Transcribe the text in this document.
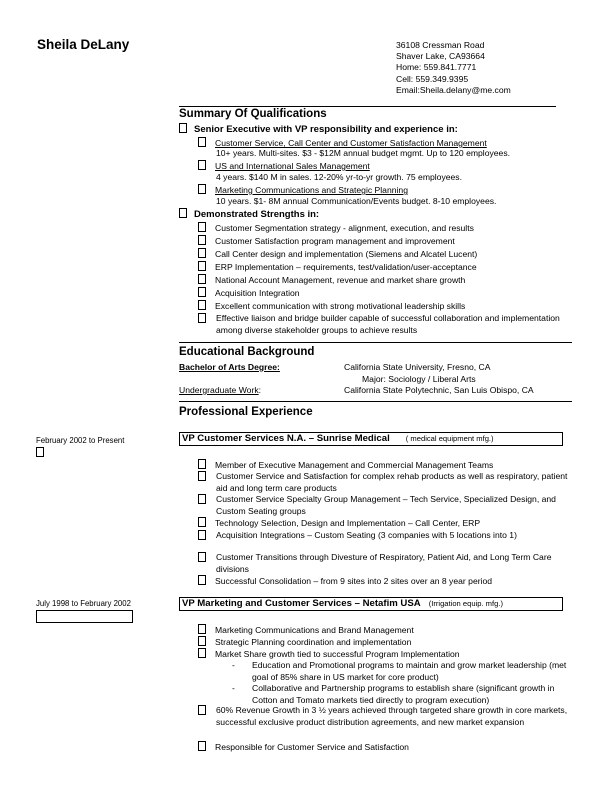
Sheila DeLany	36108 Cressman Road
Shaver Lake, CA93664
Home: 559.841.7771
Cell: 559.349.9395
Email:Sheila.delany@me.com
Summary Of Qualifications
Senior Executive with VP responsibility and experience in:
Customer Service, Call Center and Customer Satisfaction Management
10+ years. Multi-sites. $3 - $12M annual budget mgmt. Up to 120 employees.
US and International Sales Management
4 years. $140 M in sales. 12-20% yr-to-yr growth. 75 employees.
Marketing Communications and Strategic Planning
10 years. $1- 8M annual Communication/Events budget. 8-10 employees.
Demonstrated Strengths in:
Customer Segmentation strategy - alignment, execution, and results
Customer Satisfaction program management and improvement
Call Center design and implementation (Siemens and Alcatel Lucent)
ERP Implementation – requirements, test/validation/user-acceptance
National Account Management, revenue and market share growth
Acquisition Integration
Excellent communication with strong motivational leadership skills
Effective liaison and bridge builder capable of successful collaboration and implementation among diverse stakeholder groups to achieve results
Educational Background
Bachelor of Arts Degree:	California State University, Fresno, CA
Major: Sociology / Liberal Arts
Undergraduate Work:	California State Polytechnic, San Luis Obispo, CA
Professional Experience
February 2002 to Present	VP Customer Services N.A. – Sunrise Medical ( medical equipment mfg.)
Member of Executive Management and Commercial Management Teams
Customer Service and Satisfaction for complex rehab products as well as respiratory, patient aid and long term care products
Customer Service Specialty Group Management – Tech Service, Specialized Design, and Custom Seating groups
Technology Selection, Design and Implementation – Call Center, ERP
Acquisition Integrations – Custom Seating (3 companies with 5 locations into 1)
Customer Transitions through Divesture of Respiratory, Patient Aid, and Long Term Care divisions
Successful Consolidation – from 9 sites into 2 sites over an 8 year period
July 1998 to February 2002	VP Marketing and Customer Services – Netafim USA (Irrigation equip. mfg.)
Marketing Communications and Brand Management
Strategic Planning coordination and implementation
Market Share growth tied to successful Program Implementation
- Education and Promotional programs to maintain and grow market leadership (met goal of 85% share in US market for core product)
- Collaborative and Partnership programs to establish share (significant growth in Cotton and Tomato markets tied directly to program execution)
60% Revenue Growth in 3 ½ years achieved through targeted share growth in core markets, successful exclusive product distribution agreements, and new market expansion
Responsible for Customer Service and Satisfaction
